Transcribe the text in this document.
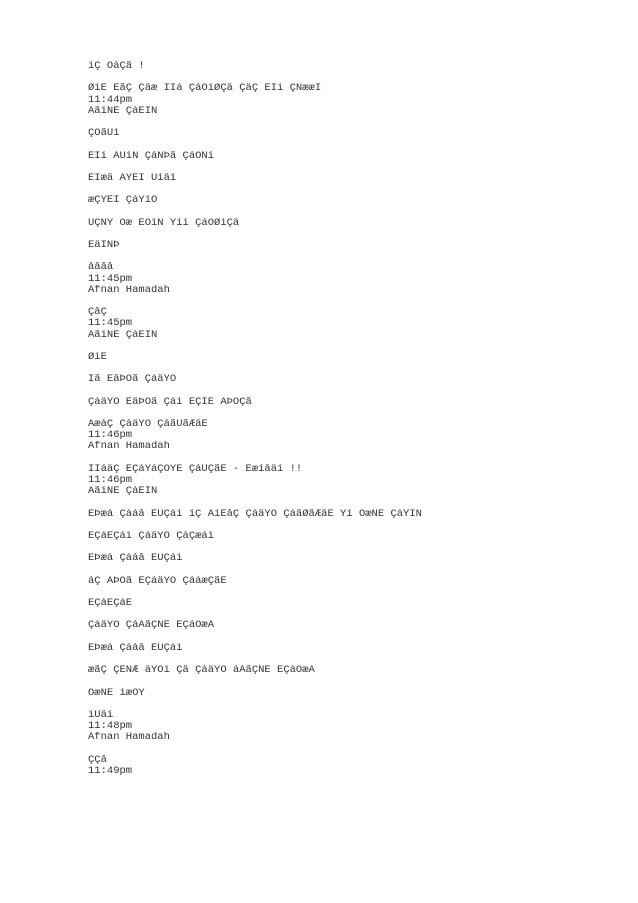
íÇ ÓáÇã !
ØíÈ ÈãÇ Çäæ ÏÎá ÇáÔíØÇä ÇäÇ ÈÏí ÇÑææÍ
11:44pm
ÂãíÑÉ ÇáÈÏÑ
ÇÓãÚí
ÈÏí ÃÚíÑ ÇáÑÞã ÇáÓÑí
ÈÎæä ÃÝÈÎ Úíäí
æÇÝÈÎ ÇáÝíÓ
ÚÇÑÝ Ôæ ÈÕíÑ Ýíí ÇáÔØíÇä
ÈäÎÑÞ
åååå
11:45pm
Afnan Hamadah
ÇåÇ
11:45pm
ÂãíÑÉ ÇáÈÏÑ
ØíÈ
Ïã ÊäÞÔã ÇáäÝÓ
ÇáäÝÓ ÊäÞÔã Çáí ÈÇÌÉ ÃÞÓÇã
ÃæáÇ ÇáäÝÓ ÇáãÚãÆäÉ
11:46pm
Afnan Hamadah
ÏÎáäÇ ÈÇáÝáÇÓÝÉ ÇáÚÇãÉ - Èæíåäí !!
11:46pm
ÂãíÑÉ ÇáÈÏÑ
ÈÞæá Çááå ÊÚÇáì íÇ ÃíÊåÇ ÇáäÝÓ ÇáãØãÆäÉ Ýí ÓæÑÉ ÇáÝÌÑ
ÈÇáÊÇáí ÇáäÝÓ ÇáÇæáì
ÈÞæá Çááå ÊÚÇáì
áÇ ÃÞÓã ÈÇáäÝÓ ÇááæÇãÉ
ÈÇáËÇáË
ÇáäÝÓ ÇáÃãÇÑÉ ÈÇáÓæÁ
ÈÞæá Çááå ÊÚÇáì
æãÇ ÇÈÑÆ äÝÓí Çä ÇáäÝÓ áÃãÇÑÉ ÈÇáÓæÁ
ÓæÑÉ íæÓÝ
íÚäí
11:48pm
Afnan Hamadah
ÇÇå
11:49pm
